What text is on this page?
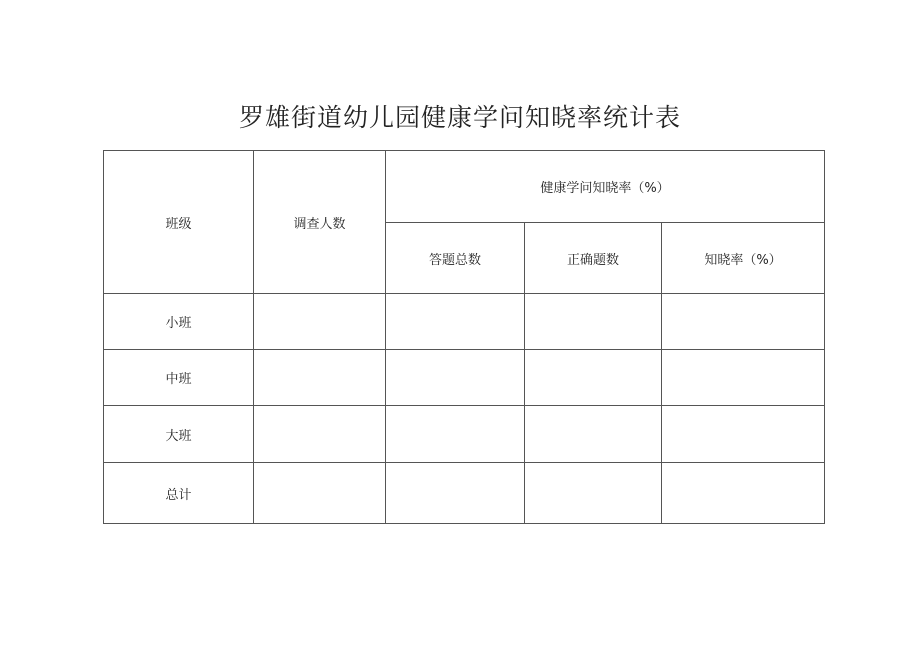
罗雄街道幼儿园健康学问知晓率统计表
班级	调查人数	健康学问知晓率（%）		
		答题总数	正确题数	知晓率（%）
小班				
中班				
大班				
总计				
